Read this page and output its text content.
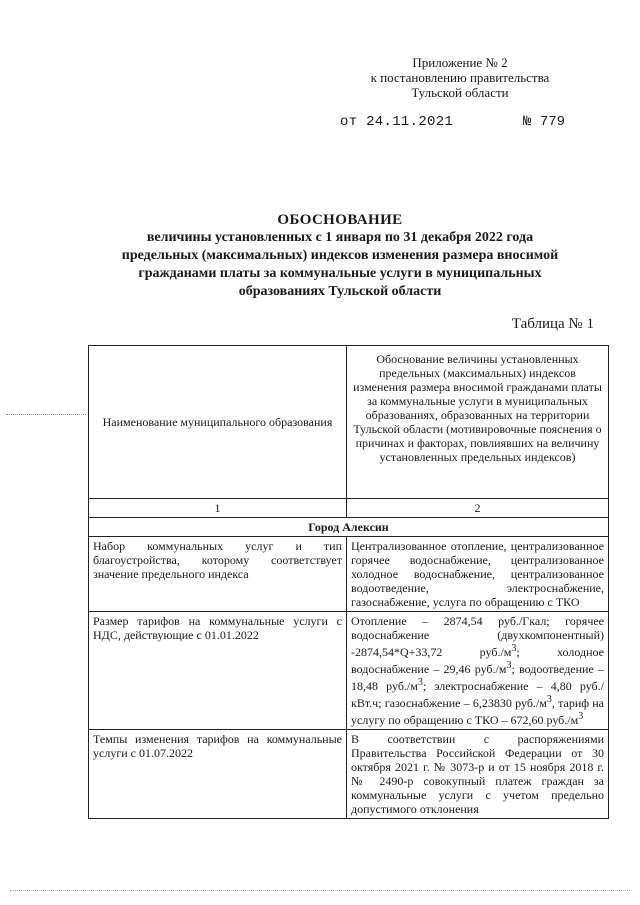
Приложение № 2
к постановлению правительства
Тульской области
от 24.11.2021	№ 779
ОБОСНОВАНИЕ
величины установленных с 1 января по 31 декабря 2022 года
предельных (максимальных) индексов изменения размера вносимой
гражданами платы за коммунальные услуги в муниципальных
образованиях Тульской области
Таблица № 1
Наименование муниципального образования	Обоснование величины установленных предельных (максимальных) индексов изменения размера вносимой гражданами платы за коммунальные услуги в муниципальных образованиях, образованных на территории Тульской области (мотивировочные пояснения о причинах и факторах, повлиявших на величину установленных предельных индексов)
1	2
Город Алексин	
Набор коммунальных услуг и тип благоустройства, которому соответствует значение предельного индекса	Централизованное отопление, централизованное горячее водоснабжение, централизованное холодное водоснабжение, централизованное водоотведение, электроснабжение, газоснабжение, услуга по обращению с ТКО
Размер тарифов на коммунальные услуги с НДС, действующие с 01.01.2022	Отопление – 2874,54 руб./Гкал; горячее водоснабжение (двухкомпонентный) -2874,54*Q+33,72 $руб./м^3$; холодное водоснабжение – 29,46 $руб./м^3$; водоотведение – 18,48 $руб./м^3$; электроснабжение – 4,80 руб./кВт.ч; газоснабжение – 6,23830 $руб./м^3$, тариф на услугу по обращению с ТКО – 672,60 $руб./м^3$
Темпы изменения тарифов на коммунальные услуги с 01.07.2022	В соответствии с распоряжениями Правительства Российской Федерации от 30 октября 2021 г. № 3073-р и от 15 ноября 2018 г. № 2490-р совокупный платеж граждан за коммунальные услуги с учетом предельно допустимого отклонения
